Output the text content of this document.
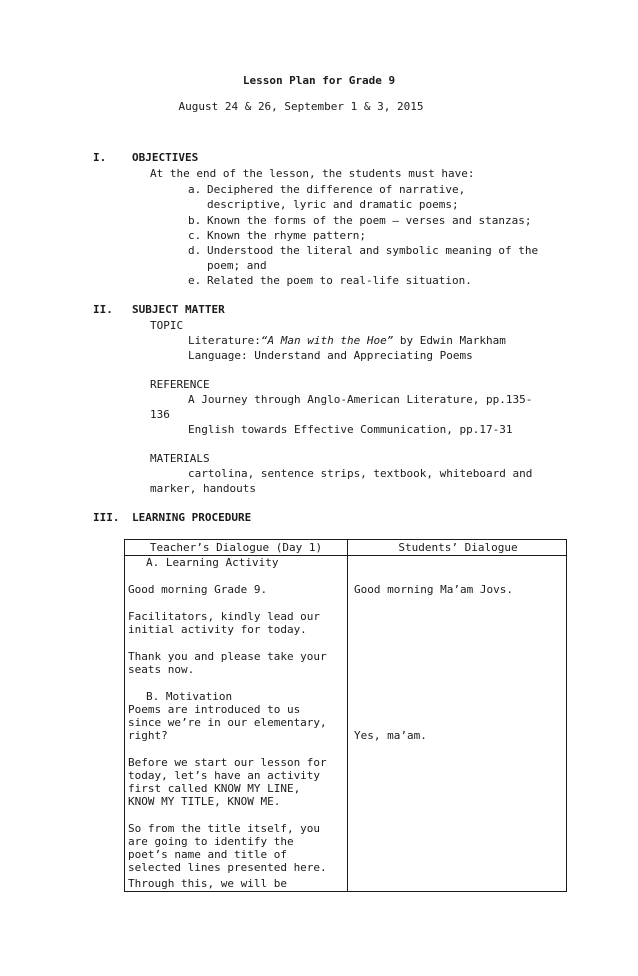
Lesson Plan for Grade 9
August 24 & 26, September 1 & 3, 2015
I. OBJECTIVES
At the end of the lesson, the students must have:
a. Deciphered the difference of narrative,
descriptive, lyric and dramatic poems;
b. Known the forms of the poem – verses and stanzas;
c. Known the rhyme pattern;
d. Understood the literal and symbolic meaning of the
poem; and
e. Related the poem to real-life situation.
II. SUBJECT MATTER
TOPIC
Literature:“A Man with the Hoe” by Edwin Markham
Language: Understand and Appreciating Poems
REFERENCE
A Journey through Anglo-American Literature, pp.135-
136
English towards Effective Communication, pp.17-31
MATERIALS
cartolina, sentence strips, textbook, whiteboard and
marker, handouts
III. LEARNING PROCEDURE
Teacher’s Dialogue (Day 1)	Students’ Dialogue
A. Learning Activity
Good morning Grade 9.
Facilitators, kindly lead our
initial activity for today.
Thank you and please take your
seats now.
B. Motivation
Poems are introduced to us
since we’re in our elementary,
right?
Before we start our lesson for
today, let’s have an activity
first called KNOW MY LINE,
KNOW MY TITLE, KNOW ME.
So from the title itself, you
are going to identify the
poet’s name and title of
selected lines presented here.
Through this, we will be
Good morning Ma’am Jovs.
Yes, ma’am.
